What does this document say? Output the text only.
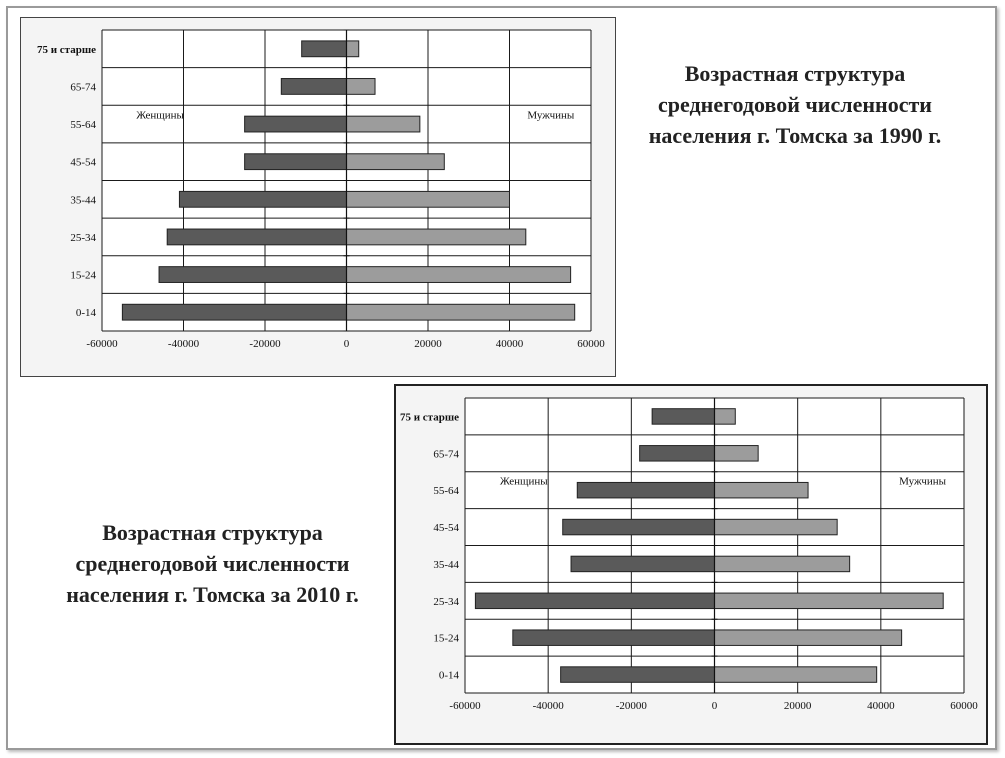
75 и старше
65-74
55-64
45-54
35-44
25-34
15-24
0-14
-60000	-40000	-20000	0	20000	40000	60000
Женщины	Мужчины
Возрастная структура среднегодовой численности населения г. Томска за 1990 г.
75 и старше
65-74
55-64
45-54
35-44
25-34
15-24
0-14
-60000	-40000	-20000	0	20000	40000	60000
Женщины	Мужчины
Возрастная структура среднегодовой численности населения г. Томска за 2010 г.
